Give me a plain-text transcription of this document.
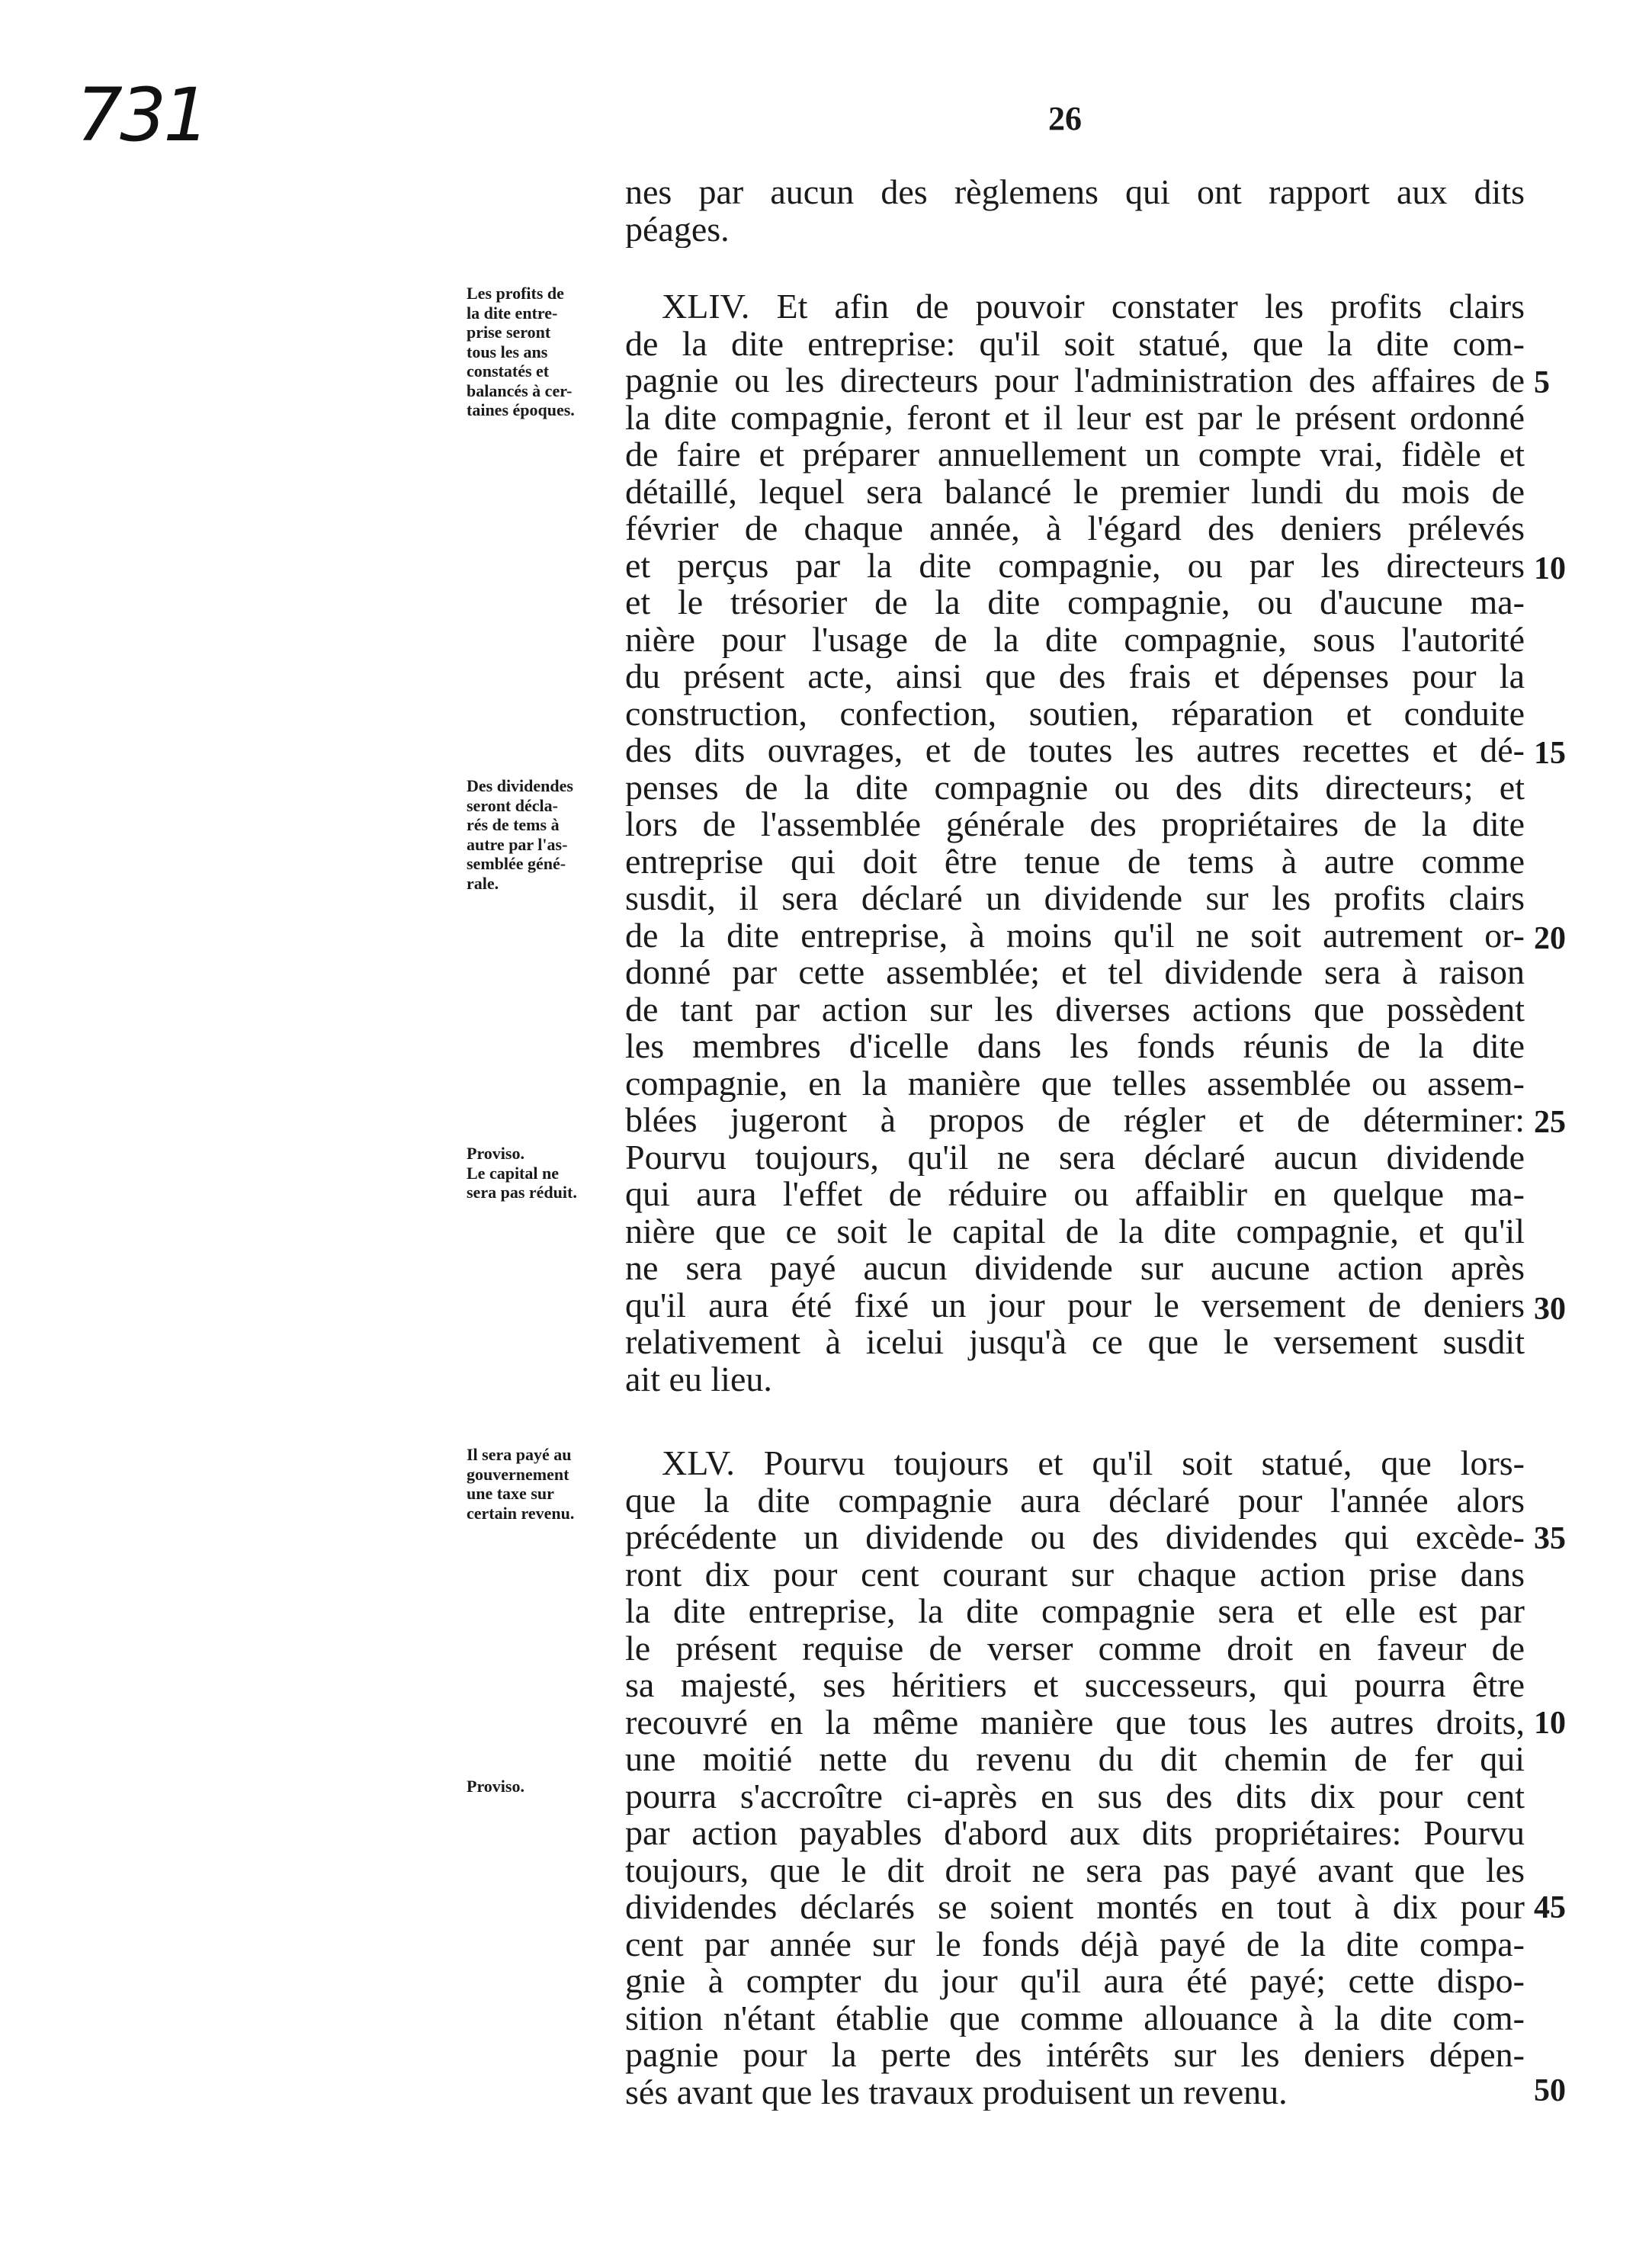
731	26
nes par aucun des règlemens qui ont rapport aux dits
péages.
XLIV. Et afin de pouvoir constater les profits clairs
de la dite entreprise: qu'il soit statué, que la dite com-
pagnie ou les directeurs pour l'administration des affaires de
la dite compagnie, feront et il leur est par le présent ordonné
de faire et préparer annuellement un compte vrai, fidèle et
détaillé, lequel sera balancé le premier lundi du mois de
février de chaque année, à l'égard des deniers prélevés
et perçus par la dite compagnie, ou par les directeurs
et le trésorier de la dite compagnie, ou d'aucune ma-
nière pour l'usage de la dite compagnie, sous l'autorité
du présent acte, ainsi que des frais et dépenses pour la
construction, confection, soutien, réparation et conduite
des dits ouvrages, et de toutes les autres recettes et dé-
penses de la dite compagnie ou des dits directeurs; et
lors de l'assemblée générale des propriétaires de la dite
entreprise qui doit être tenue de tems à autre comme
susdit, il sera déclaré un dividende sur les profits clairs
de la dite entreprise, à moins qu'il ne soit autrement or-
donné par cette assemblée; et tel dividende sera à raison
de tant par action sur les diverses actions que possèdent
les membres d'icelle dans les fonds réunis de la dite
compagnie, en la manière que telles assemblée ou assem-
blées jugeront à propos de régler et de déterminer:
Pourvu toujours, qu'il ne sera déclaré aucun dividende
qui aura l'effet de réduire ou affaiblir en quelque ma-
nière que ce soit le capital de la dite compagnie, et qu'il
ne sera payé aucun dividende sur aucune action après
qu'il aura été fixé un jour pour le versement de deniers
relativement à icelui jusqu'à ce que le versement susdit
ait eu lieu.
XLV. Pourvu toujours et qu'il soit statué, que lors-
que la dite compagnie aura déclaré pour l'année alors
précédente un dividende ou des dividendes qui excède-
ront dix pour cent courant sur chaque action prise dans
la dite entreprise, la dite compagnie sera et elle est par
le présent requise de verser comme droit en faveur de
sa majesté, ses héritiers et successeurs, qui pourra être
recouvré en la même manière que tous les autres droits,
une moitié nette du revenu du dit chemin de fer qui
pourra s'accroître ci-après en sus des dits dix pour cent
par action payables d'abord aux dits propriétaires: Pourvu
toujours, que le dit droit ne sera pas payé avant que les
dividendes déclarés se soient montés en tout à dix pour
cent par année sur le fonds déjà payé de la dite compa-
gnie à compter du jour qu'il aura été payé; cette dispo-
sition n'étant établie que comme allouance à la dite com-
pagnie pour la perte des intérêts sur les deniers dépen-
sés avant que les travaux produisent un revenu.
Les profits de
la dite entre-
prise seront
tous les ans
constatés et
balancés à cer-
taines époques.
Des dividendes
seront décla-
rés de tems à
autre par l'as-
semblée géné-
rale.
Proviso.
Le capital ne
sera pas réduit.
Il sera payé au
gouvernement
une taxe sur
certain revenu.
Proviso.
5
10
15
20
25
30
35
10
45
50
